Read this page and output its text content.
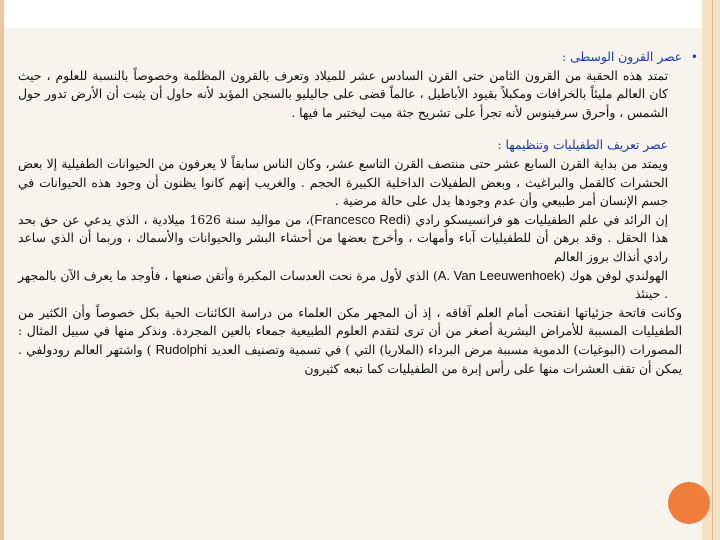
•

عصر القرون الوسطى :

تمتد هذه الحقبة من القرون الثامن حتى القرن السادس عشر للميلاد وتعرف بالقرون المظلمة وخصوصاً بالنسبة للعلوم ، حيث كان العالم مليئاً بالخرافات ومكبلاً بقيود الأباطيل ، عالماً قضى على جاليليو بالسجن المؤبد لأنه حاول أن يثبت أن الأرض تدور حول الشمس ، وأحرق سرفينوس لأنه تجرأ على تشريح جثة ميت ليختبر ما فيها .

عصر تعريف الطفيليات وتنظيمها :

ويمتد من بداية القرن السابع عشر حتى منتصف القرن التاسع عشر، وكان الناس سابقاً لا يعرفون من الحيوانات الطفيلية إلا بعض الحشرات كالقمل والبراغيث ، وبعض الطفيلات الداخلية الكبيرة الحجم . والغريب إنهم كانوا يظنون أن وجود هذه الحيوانات في جسم الإنسان أمر طبيعي وأن عدم وجودها يدل على حالة مرضية .

إن الرائد في علم الطفيليات هو فرانسيسكو رادي (Francesco Redi)، من مواليد سنة 1626 ميلادية ، الذي يدعي عن حق بحد هذا الحقل . وقد برهن أن للطفيليات آباء وأمهات ، وأخرج بعضها من أحشاء البشر والحيوانات والأسماك ، وربما أن الذي ساعد رادي أنذاك بروز العالم

الهولندي لوفن هوك (A. Van Leeuwenhoek) الذي لأول مرة نحت العدسات المكبرة وأتقن صنعها ، فأوجد ما يعرف الآن بالمجهر . حينئذ

وكانت فاتحة جزئياتها انفتحت أمام العلم آفاقه ، إذ أن المجهر مكن العلماء من دراسة الكائنات الحية بكل خصوصاً وأن الكثير من الطفيليات المسببة للأمراض البشرية أصغر من أن ترى لتقدم العلوم الطبيعية جمعاء بالعين المجردة. ونذكر منها في سبيل المثال : المصورات (البوغيات) الدموية مسببة مرض البرداء (الملاريا) التي ) في تسمية وتصنيف العديد Rudolphi ) واشتهر العالم رودولفي . يمكن أن تقف العشرات منها على رأس إبرة من الطفيليات كما تبعه كثيرون
